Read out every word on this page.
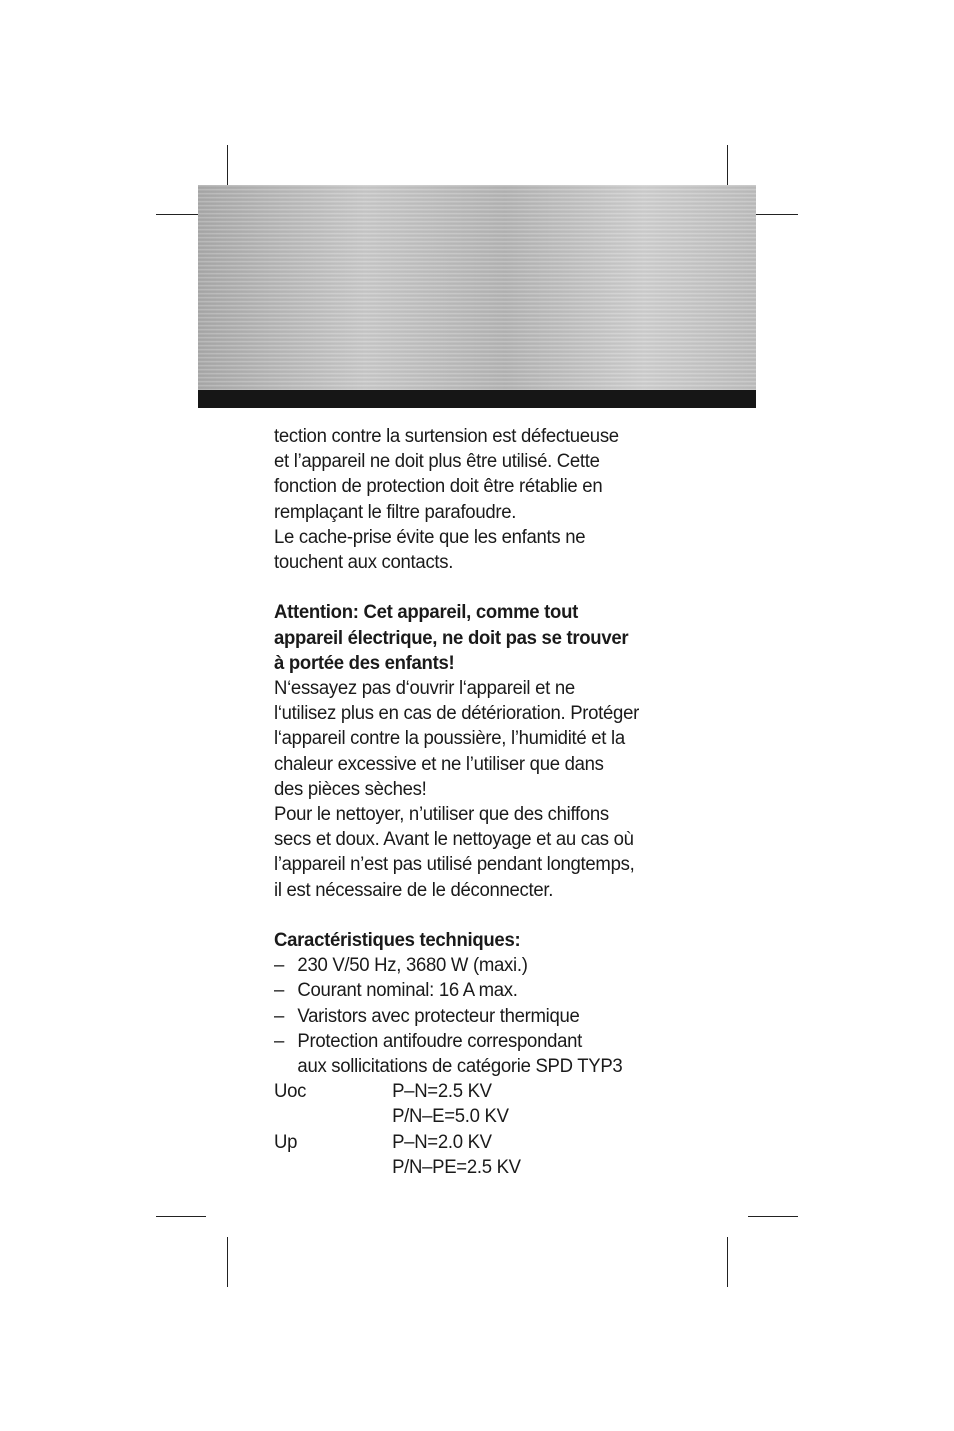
tection contre la surtension est défectueuse

et l’appareil ne doit plus être utilisé. Cette

fonction de protection doit être rétablie en

remplaçant le filtre parafoudre.

Le cache-prise évite que les enfants ne

touchent aux contacts.

Attention: Cet appareil, comme tout

appareil électrique, ne doit pas se trouver

à portée des enfants!

N‘essayez pas d‘ouvrir l‘appareil et ne

l‘utilisez plus en cas de détérioration. Protéger

l‘appareil contre la poussière, l’humidité et la

chaleur excessive et ne l’utiliser que dans

des pièces sèches!

Pour le nettoyer, n’utiliser que des chiffons

secs et doux. Avant le nettoyage et au cas où

l’appareil n’est pas utilisé pendant longtemps,

il est nécessaire de le déconnecter.

Caractéristiques techniques:

– 230 V/50 Hz, 3680 W (maxi.)
– Courant nominal: 16 A max.
– Varistors avec protecteur thermique
– Protection antifoudre correspondant
aux sollicitations de catégorie SPD TYP3
Uoc	P–N=2.5 KV
P/N–E=5.0 KV
Up	P–N=2.0 KV
P/N–PE=2.5 KV
